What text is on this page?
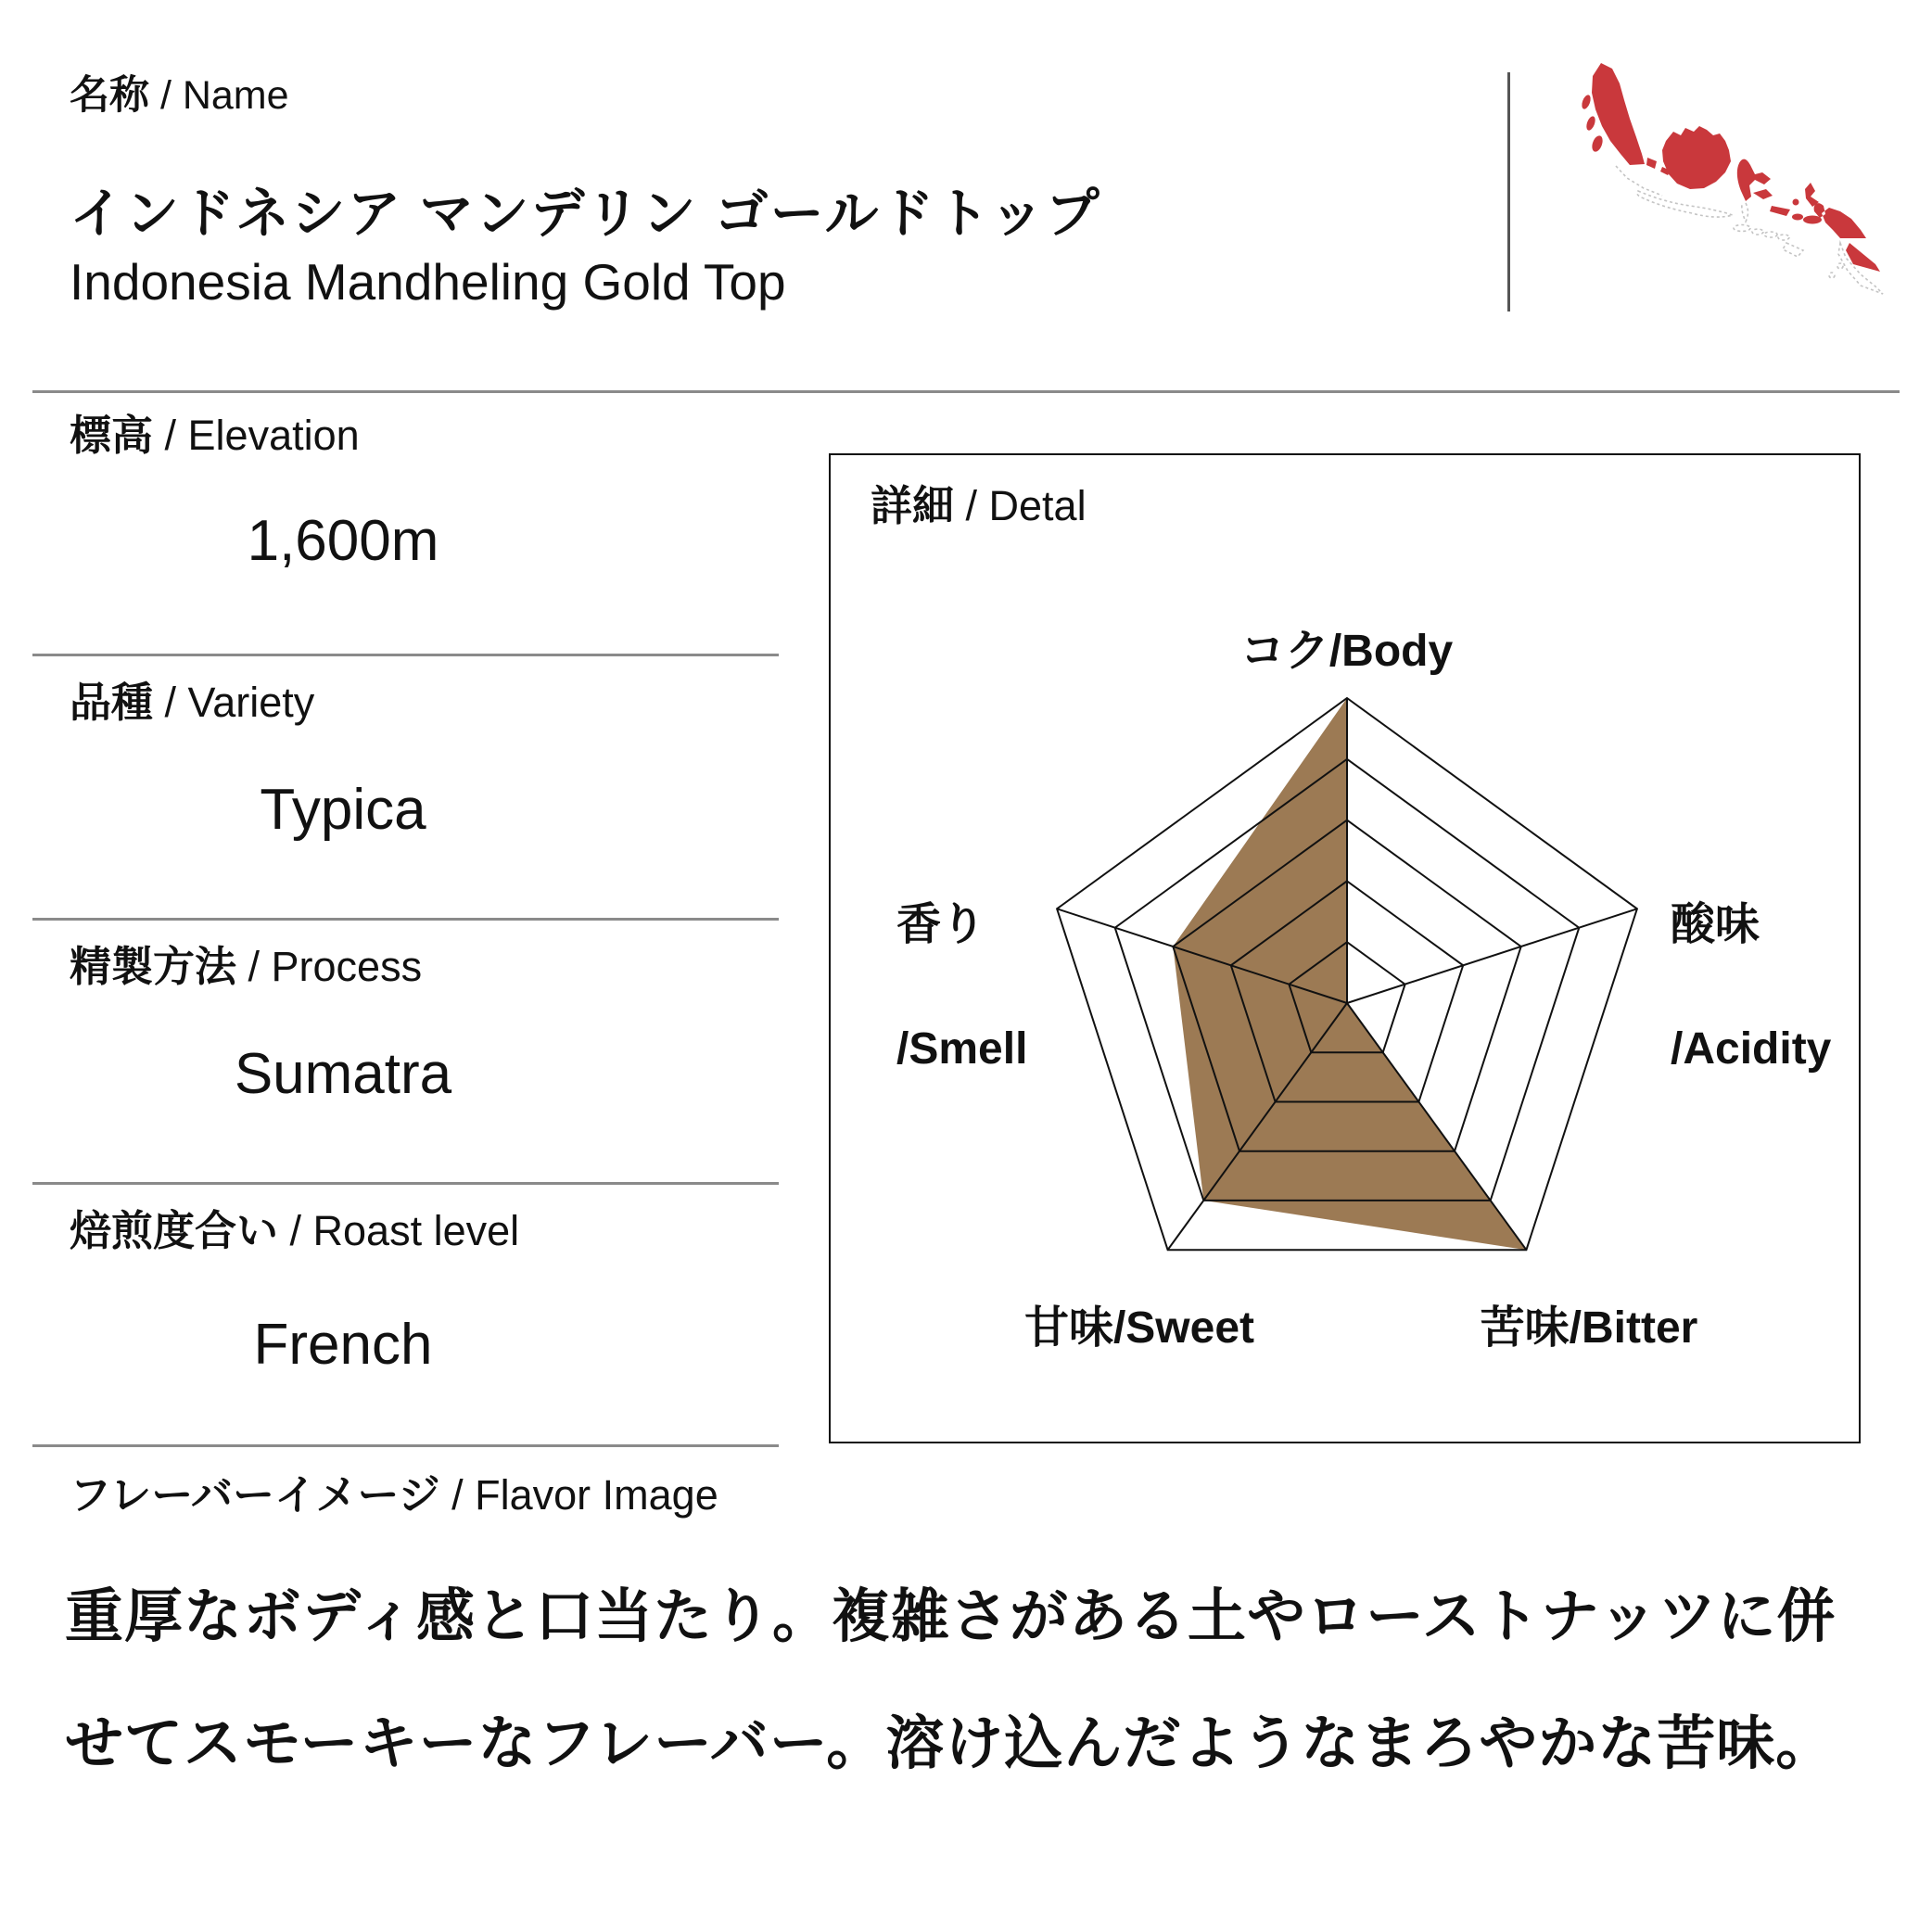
名称 / Name
インドネシア マンデリン ゴールドトップ
Indonesia Mandheling Gold Top
標高 / Elevation
1,600m
品種 / Variety
Typica
精製方法 / Process
Sumatra
焙煎度合い / Roast level
French
詳細 / Detal
コク/Body

酸味

/Acidity

香り

/Smell

甘味/Sweet	苦味/Bitter
フレーバーイメージ / Flavor Image
重厚なボディ感と口当たり。複雑さがある土やローストナッツに併
せてスモーキーなフレーバー。溶け込んだようなまろやかな苦味。
